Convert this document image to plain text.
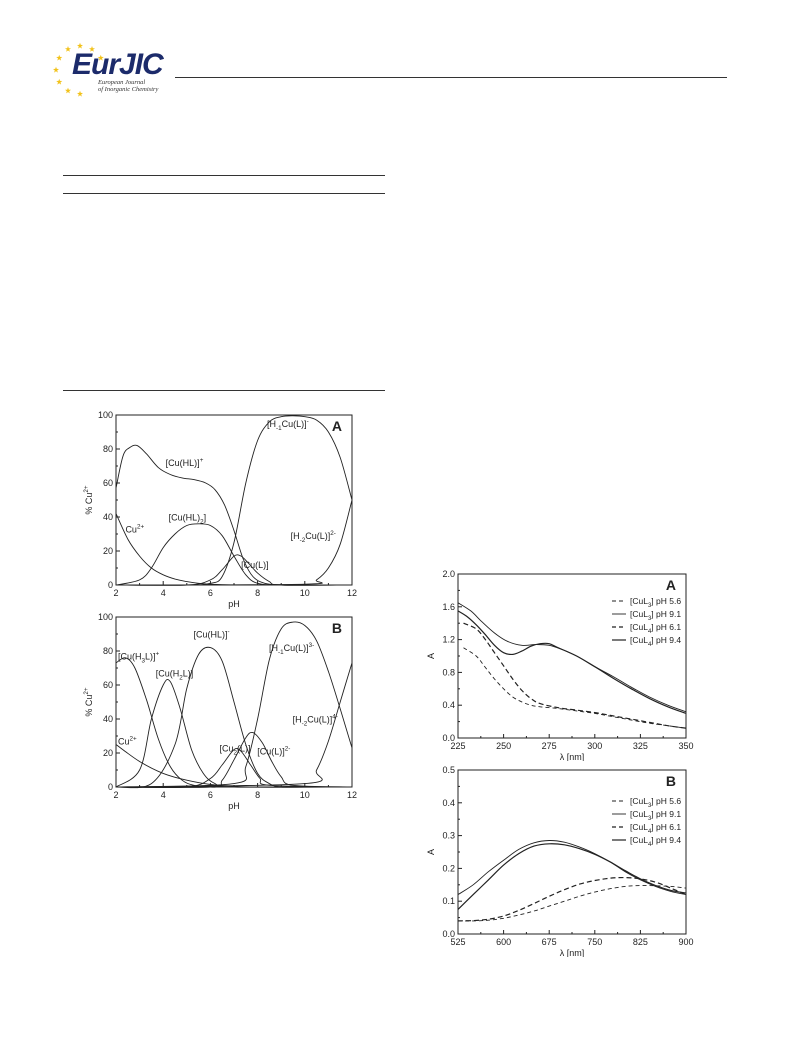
EurJIC
European Journal
of Inorganic Chemistry
2	4	6	8	10	12
0
20
40
60
80
100
pH
% $Cu^{2+}$
A
[Cu(HL)]+
$[Cu(HL)_2]$
$Cu^{2+}$
$[H_{-1}Cu(L)]^-$
$[H_{-2}Cu(L)]^{2-}$
[Cu(L)]
2	4	6	8	10	12
0
20
40
60
80
100
pH
% $Cu^{2+}$
B
$[Cu(H_3L)]^+$
$[Cu(H_2L)]$
[Cu(HL)]-
$[H_{-1}Cu(L)]^{3-}$
$Cu^{2+}$
$[H_{-2}Cu(L)]^{4-}$
$[Cu_2(L)]$ $[Cu(L)]^{2-}$	225	250	275	300	325	350
0.0
0.4
0.8
1.2
1.6
2.0
λ [nm]
A
A
[CuL$_3$] pH 5.6
[CuL$_3$] pH 9.1
[CuL$_4$] pH 6.1
[CuL$_4$] pH 9.4
525	600	675	750	825	900
0.0
0.1
0.2
0.3
0.4
0.5
λ [nm]
A
B
[CuL$_3$] pH 5.6
[CuL$_3$] pH 9.1
[CuL$_4$] pH 6.1
[CuL$_4$] pH 9.4
